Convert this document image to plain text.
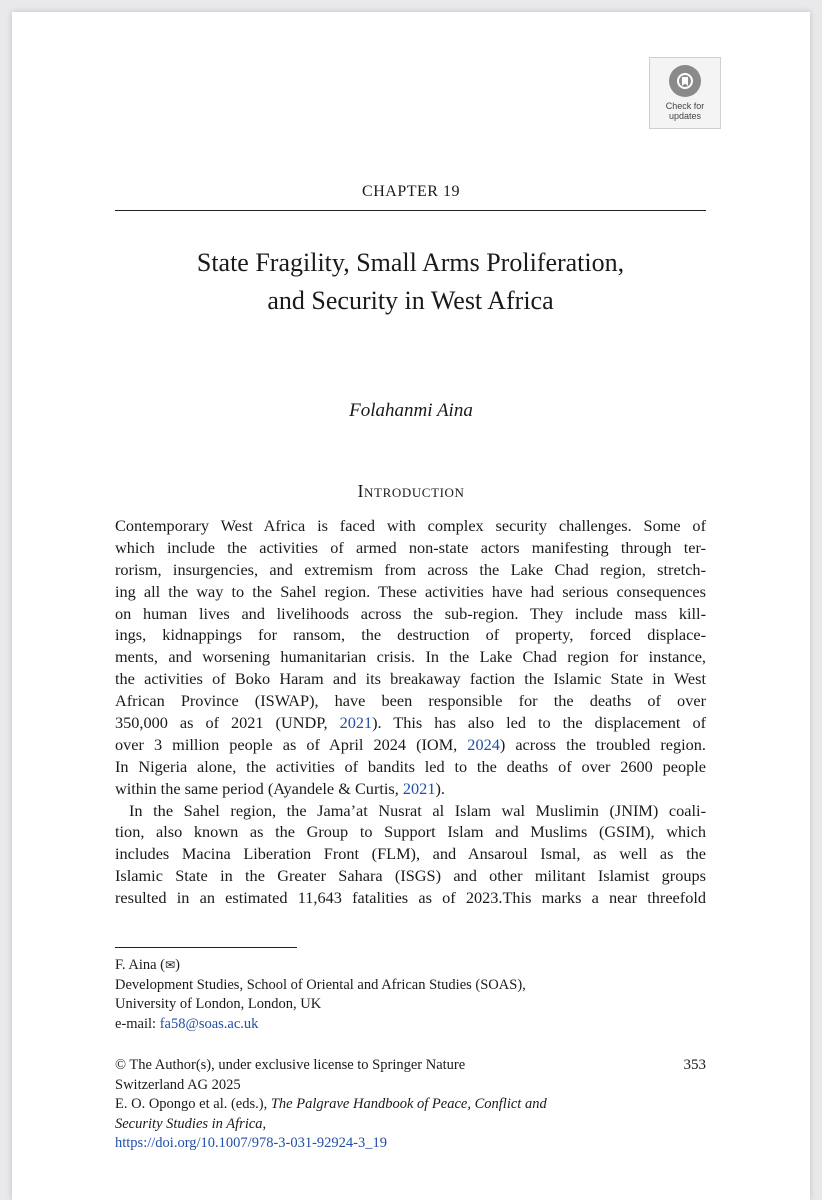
Check for
updates
CHAPTER 19
State Fragility, Small Arms Proliferation,
and Security in West Africa
Folahanmi Aina
Introduction
Contemporary West Africa is faced with complex security challenges. Some of
which include the activities of armed non-state actors manifesting through ter-
rorism, insurgencies, and extremism from across the Lake Chad region, stretch-
ing all the way to the Sahel region. These activities have had serious consequences
on human lives and livelihoods across the sub-region. They include mass kill-
ings, kidnappings for ransom, the destruction of property, forced displace-
ments, and worsening humanitarian crisis. In the Lake Chad region for instance,
the activities of Boko Haram and its breakaway faction the Islamic State in West
African Province (ISWAP), have been responsible for the deaths of over
350,000 as of 2021 (UNDP, 2021). This has also led to the displacement of
over 3 million people as of April 2024 (IOM, 2024) across the troubled region.
In Nigeria alone, the activities of bandits led to the deaths of over 2600 people
within the same period (Ayandele & Curtis, 2021).
In the Sahel region, the Jama’at Nusrat al Islam wal Muslimin (JNIM) coali-
tion, also known as the Group to Support Islam and Muslims (GSIM), which
includes Macina Liberation Front (FLM), and Ansaroul Ismal, as well as the
Islamic State in the Greater Sahara (ISGS) and other militant Islamist groups
resulted in an estimated 11,643 fatalities as of 2023.This marks a near threefold
F. Aina (✉)
Development Studies, School of Oriental and African Studies (SOAS),
University of London, London, UK
e-mail: fa58@soas.ac.uk
353
© The Author(s), under exclusive license to Springer Nature
Switzerland AG 2025
E. O. Opongo et al. (eds.), The Palgrave Handbook of Peace, Conflict and
Security Studies in Africa,
https://doi.org/10.1007/978-3-031-92924-3_19
